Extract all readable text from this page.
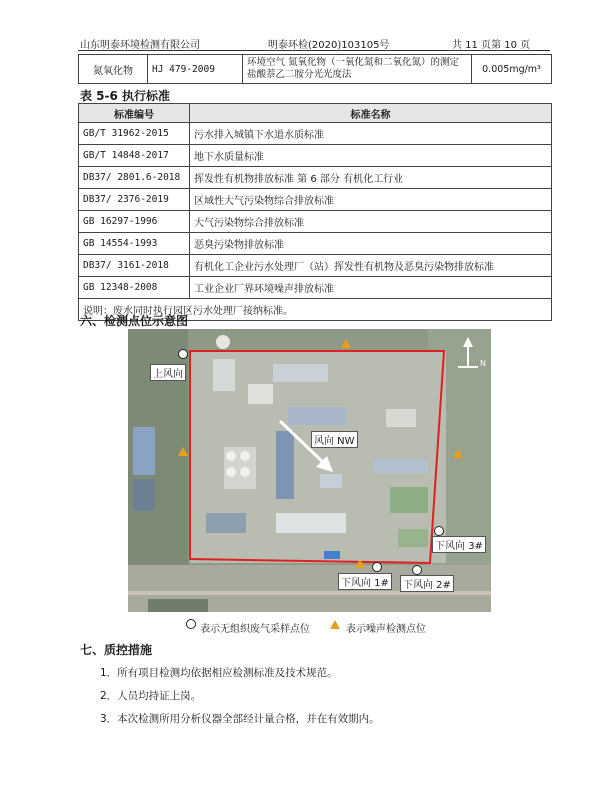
山东明泰环境检测有限公司	明泰环检(2020)103105号	共 11 页第 10 页
氮氧化物	HJ 479-2009	环境空气 氮氧化物（一氧化氮和二氧化氮）的测定盐酸萘乙二胺分光光度法	0.005mg/m³
表 5-6 执行标准
标准编号	标准名称
GB/T 31962-2015	污水排入城镇下水道水质标准
GB/T 14848-2017	地下水质量标准
DB37/ 2801.6-2018	挥发性有机物排放标准 第 6 部分 有机化工行业
DB37/ 2376-2019	区域性大气污染物综合排放标准
GB 16297-1996	大气污染物综合排放标准
GB 14554-1993	恶臭污染物排放标准
DB37/ 3161-2018	有机化工企业污水处理厂（站）挥发性有机物及恶臭污染物排放标准
GB 12348-2008	工业企业厂界环境噪声排放标准
说明：废水同时执行园区污水处理厂接纳标准。	
六、检测点位示意图
上风向
风向 NW
下风向 3#
下风向 1#	下风向 2#
N
表示无组织废气采样点位	表示噪声检测点位
七、质控措施
1．所有项目检测均依据相应检测标准及技术规范。
2．人员均持证上岗。
3．本次检测所用分析仪器全部经计量合格，并在有效期内。
